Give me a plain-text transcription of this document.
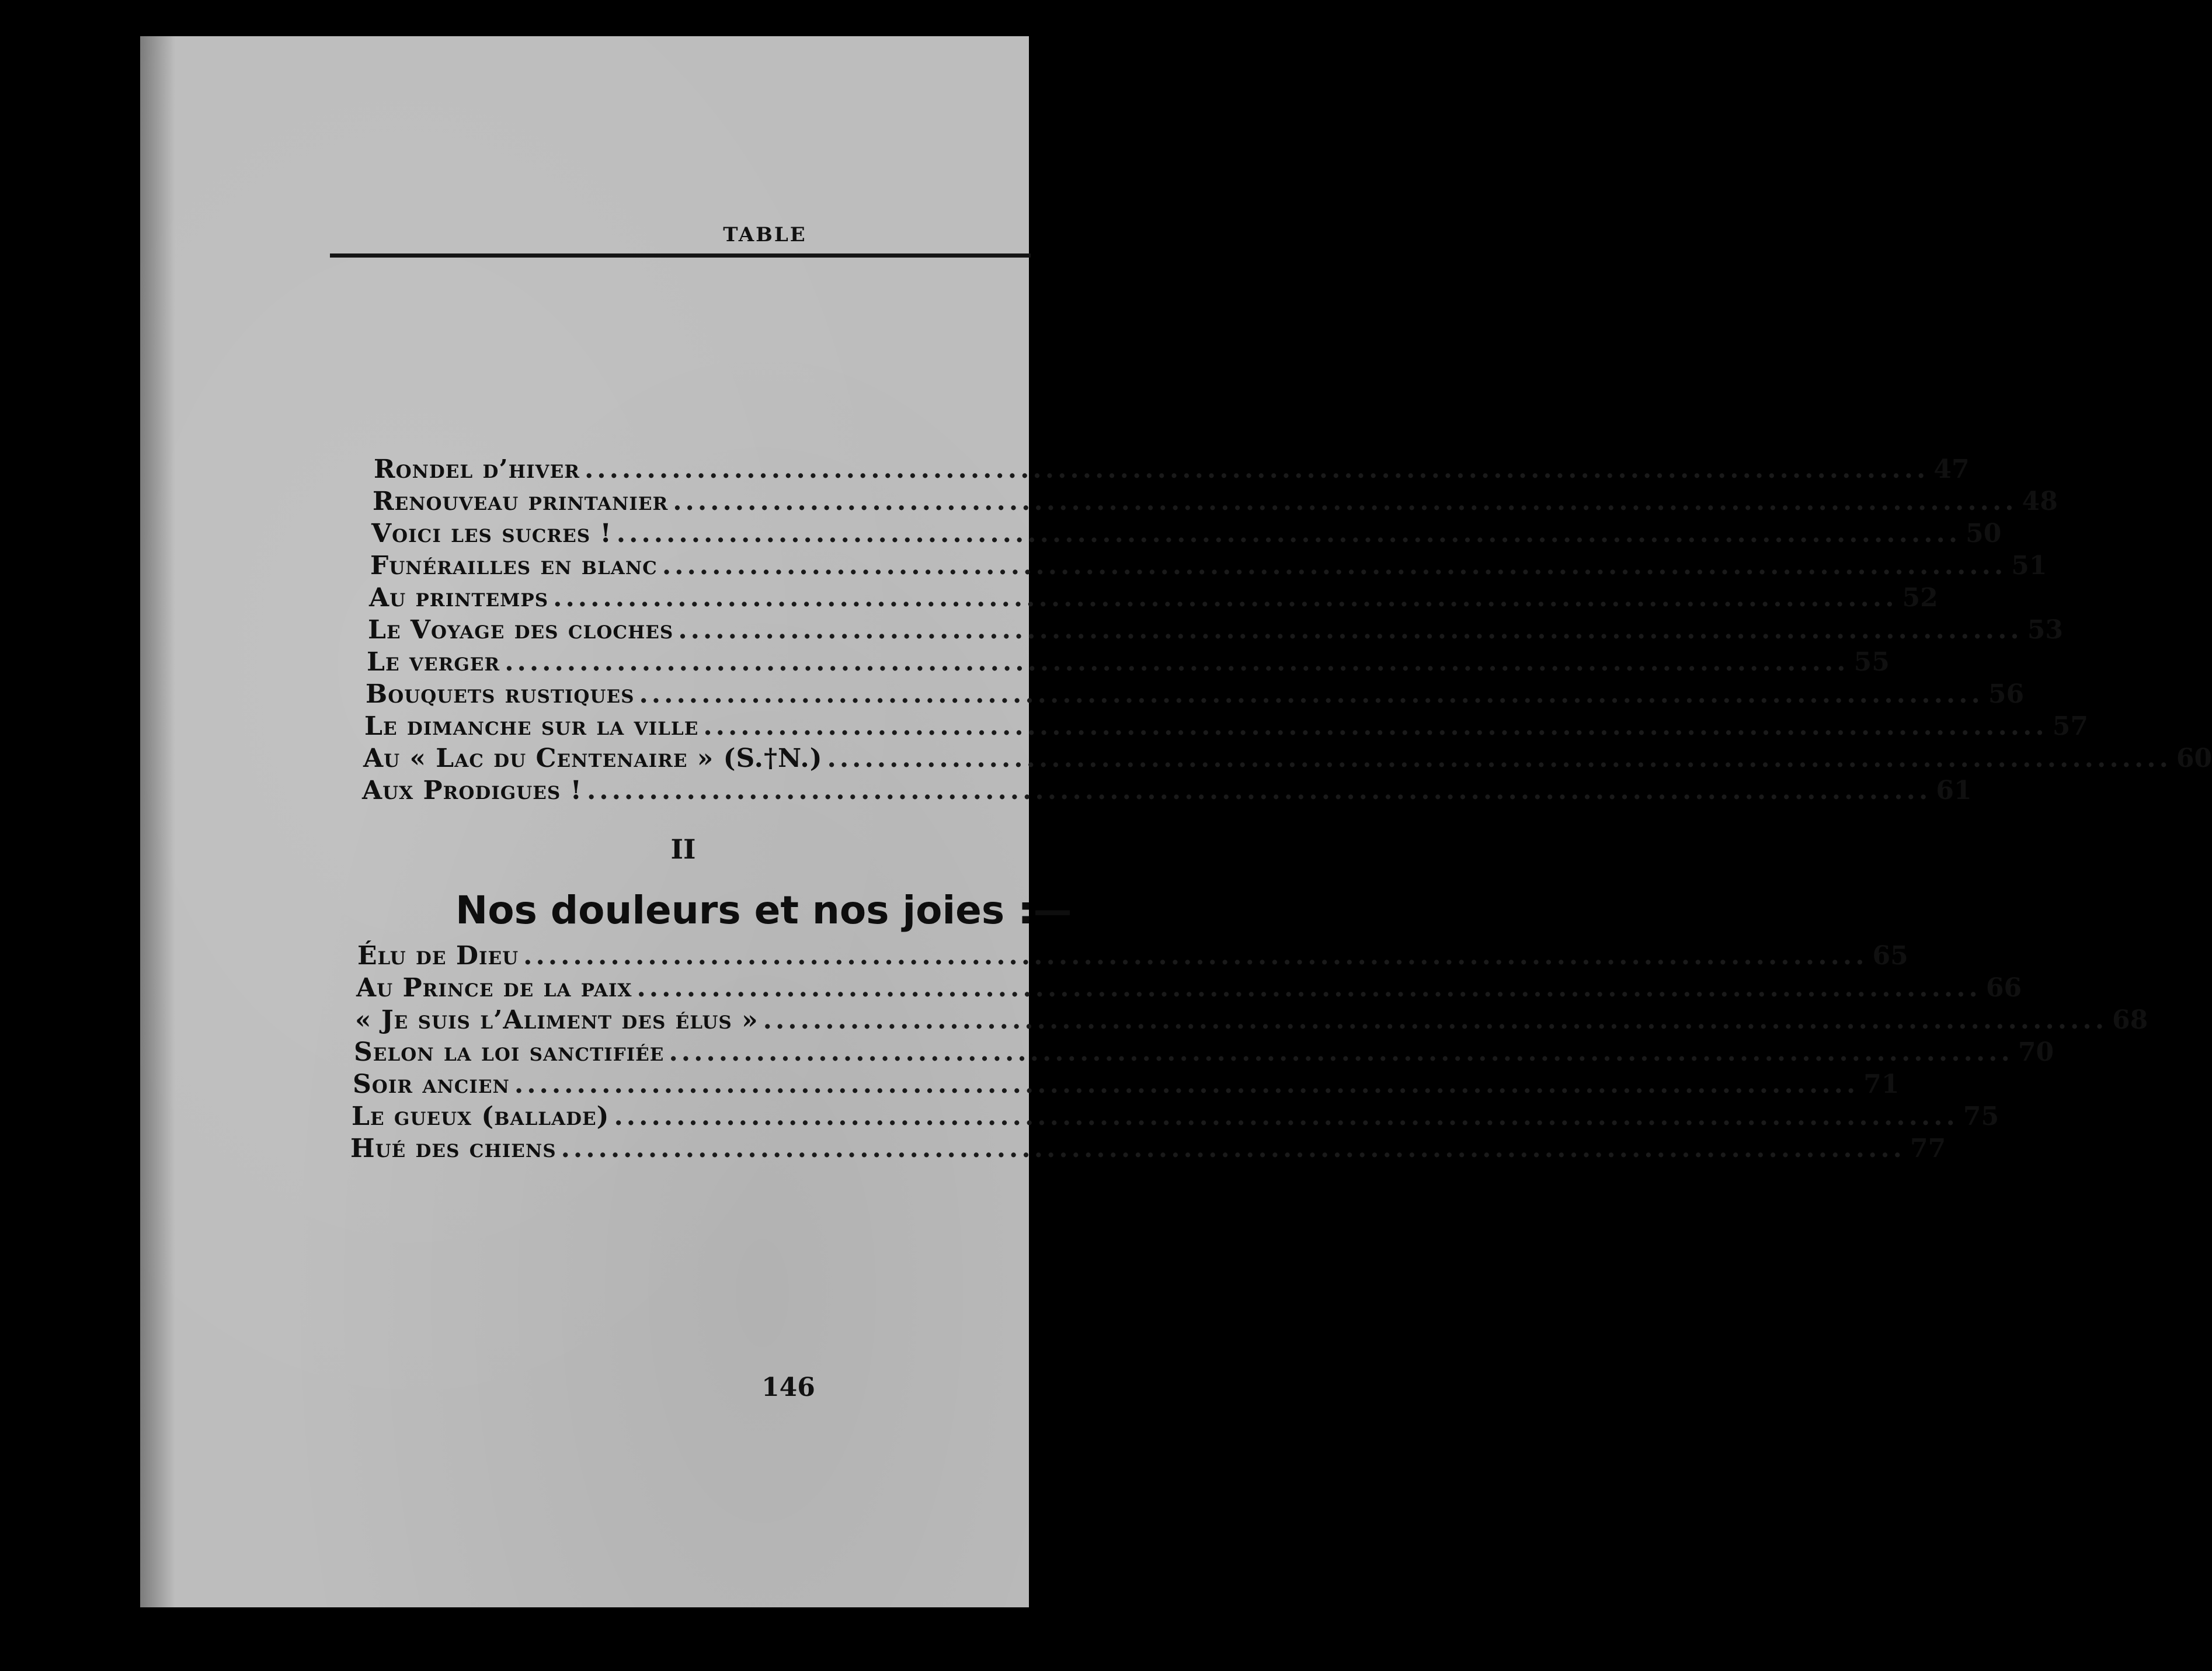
TABLE
Rondel d’hiver ............................................................................................................ 47
Renouveau printanier ............................................................................................................ 48
Voici les sucres ! ............................................................................................................ 50
Funérailles en blanc ............................................................................................................ 51
Au printemps ............................................................................................................ 52
Le Voyage des cloches ............................................................................................................ 53
Le verger ............................................................................................................ 55
Bouquets rustiques ............................................................................................................ 56
Le dimanche sur la ville ............................................................................................................ 57
Au « Lac du Centenaire » (S.†N.) ............................................................................................................ 60
Aux Prodigues ! ............................................................................................................ 61
II
Nos douleurs et nos joies :—
Élu de Dieu ............................................................................................................ 65
Au Prince de la paix ............................................................................................................ 66
« Je suis l’Aliment des élus » ............................................................................................................ 68
Selon la loi sanctifiée ............................................................................................................ 70
Soir ancien ............................................................................................................ 71
Le gueux (ballade) ............................................................................................................ 75
Hué des chiens ............................................................................................................ 77
146
